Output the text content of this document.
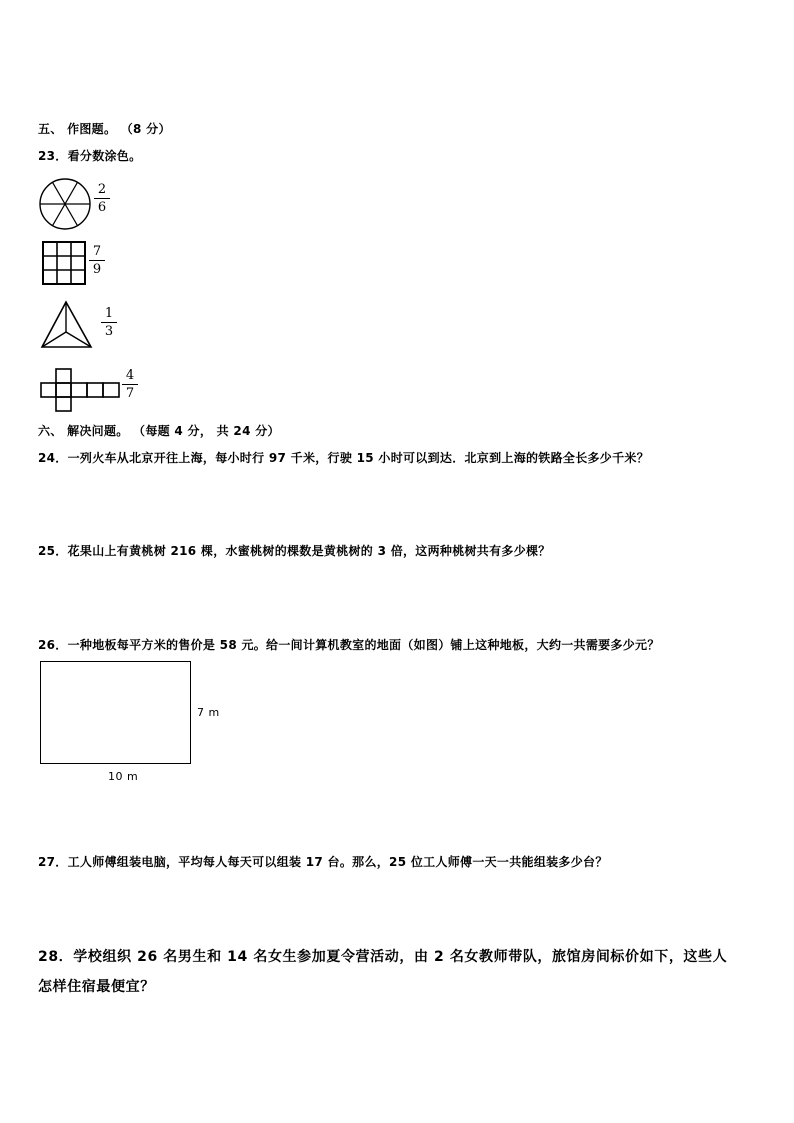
五、 作图题。 （8 分）
23．看分数涂色。
2
6
7
9
1
3
4
7
六、 解决问题。 （每题 4 分， 共 24 分）
24．一列火车从北京开往上海，每小时行 97 千米，行驶 15 小时可以到达．北京到上海的铁路全长多少千米？
25．花果山上有黄桃树 216 棵，水蜜桃树的棵数是黄桃树的 3 倍，这两种桃树共有多少棵？
26．一种地板每平方米的售价是 58 元。给一间计算机教室的地面（如图）铺上这种地板，大约一共需要多少元？
7 m
10 m
27．工人师傅组装电脑，平均每人每天可以组装 17 台。那么，25 位工人师傅一天一共能组装多少台？
28．学校组织 26 名男生和 14 名女生参加夏令营活动，由 2 名女教师带队，旅馆房间标价如下，这些人
怎样住宿最便宜？
